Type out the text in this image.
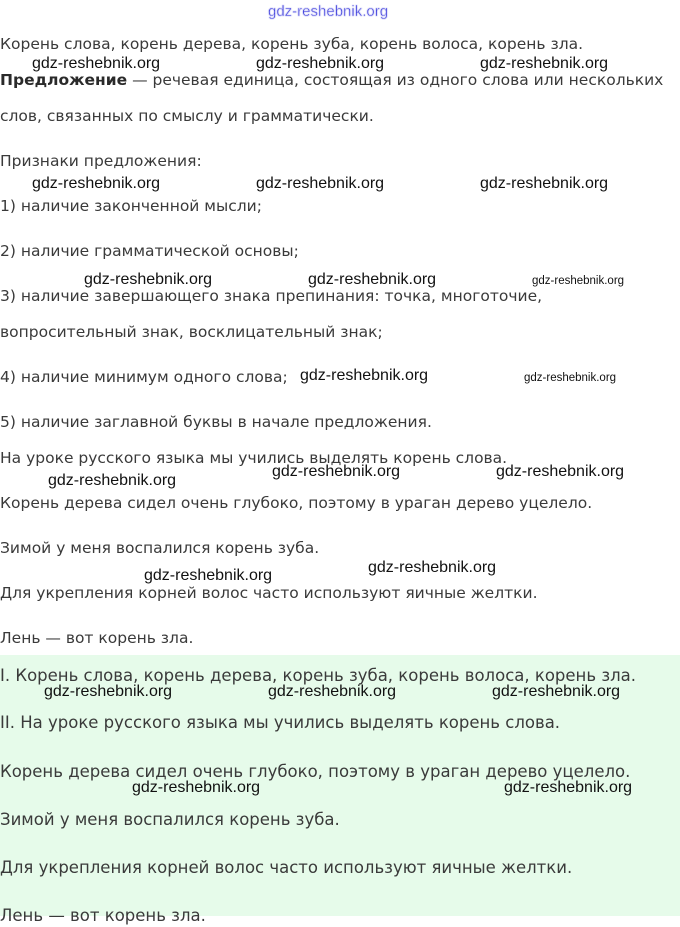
gdz-reshebnik.org
Корень слова, корень дерева, корень зуба, корень волоса, корень зла.
Предложение — речевая единица, состоящая из одного слова или нескольких
слов, связанных по смыслу и грамматически.
Признаки предложения:
1) наличие законченной мысли;
2) наличие грамматической основы;
3) наличие завершающего знака препинания: точка, многоточие,
вопросительный знак, восклицательный знак;
4) наличие минимум одного слова;
5) наличие заглавной буквы в начале предложения.
На уроке русского языка мы учились выделять корень слова.
Корень дерева сидел очень глубоко, поэтому в ураган дерево уцелело.
Зимой у меня воспалился корень зуба.
Для укрепления корней волос часто используют яичные желтки.
Лень — вот корень зла.
I. Корень слова, корень дерева, корень зуба, корень волоса, корень зла.
II. На уроке русского языка мы учились выделять корень слова.
Корень дерева сидел очень глубоко, поэтому в ураган дерево уцелело.
Зимой у меня воспалился корень зуба.
Для укрепления корней волос часто используют яичные желтки.
Лень — вот корень зла.
gdz-reshebnik.org	gdz-reshebnik.org	gdz-reshebnik.org
gdz-reshebnik.org	gdz-reshebnik.org	gdz-reshebnik.org
gdz-reshebnik.org	gdz-reshebnik.org	gdz-reshebnik.org
gdz-reshebnik.org	gdz-reshebnik.org
gdz-reshebnik.org
gdz-reshebnik.org	gdz-reshebnik.org
gdz-reshebnik.org	gdz-reshebnik.org
gdz-reshebnik.org	gdz-reshebnik.org	gdz-reshebnik.org
gdz-reshebnik.org	gdz-reshebnik.org
